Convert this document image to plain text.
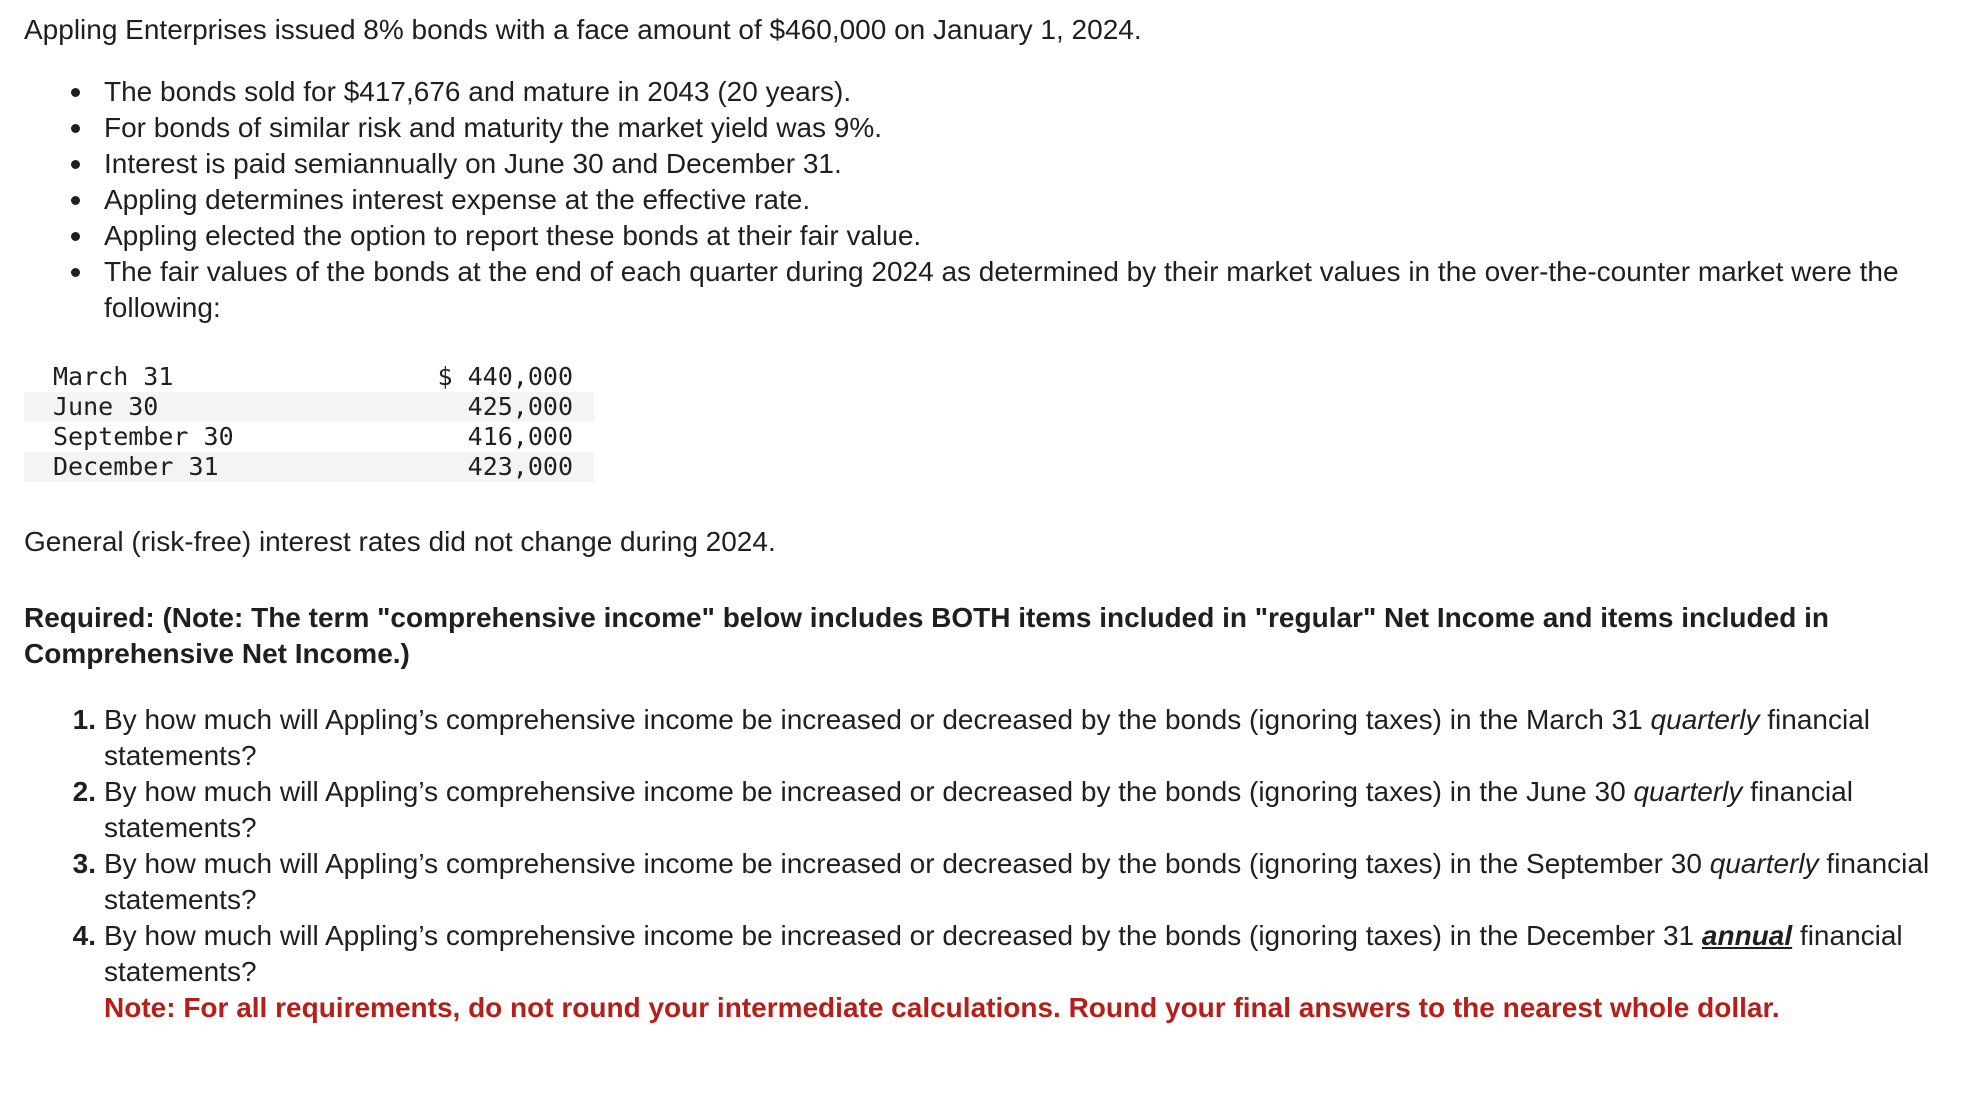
Appling Enterprises issued 8% bonds with a face amount of $460,000 on January 1, 2024.

The bonds sold for $417,676 and mature in 2043 (20 years).
For bonds of similar risk and maturity the market yield was 9%.
Interest is paid semiannually on June 30 and December 31.
Appling determines interest expense at the effective rate.
Appling elected the option to report these bonds at their fair value.
The fair values of the bonds at the end of each quarter during 2024 as determined by their market values in the over-the-counter market were the following:
March 31	$ 440,000
June 30	425,000
September 30	416,000
December 31	423,000

General (risk-free) interest rates did not change during 2024.

Required: (Note: The term "comprehensive income" below includes BOTH items included in "regular" Net Income and items included in Comprehensive Net Income.)

1. By how much will Appling’s comprehensive income be increased or decreased by the bonds (ignoring taxes) in the March 31 quarterly financial statements?
2. By how much will Appling’s comprehensive income be increased or decreased by the bonds (ignoring taxes) in the June 30 quarterly financial statements?
3. By how much will Appling’s comprehensive income be increased or decreased by the bonds (ignoring taxes) in the September 30 quarterly financial statements?
4. By how much will Appling’s comprehensive income be increased or decreased by the bonds (ignoring taxes) in the December 31 annual financial statements?

Note: For all requirements, do not round your intermediate calculations. Round your final answers to the nearest whole dollar.
